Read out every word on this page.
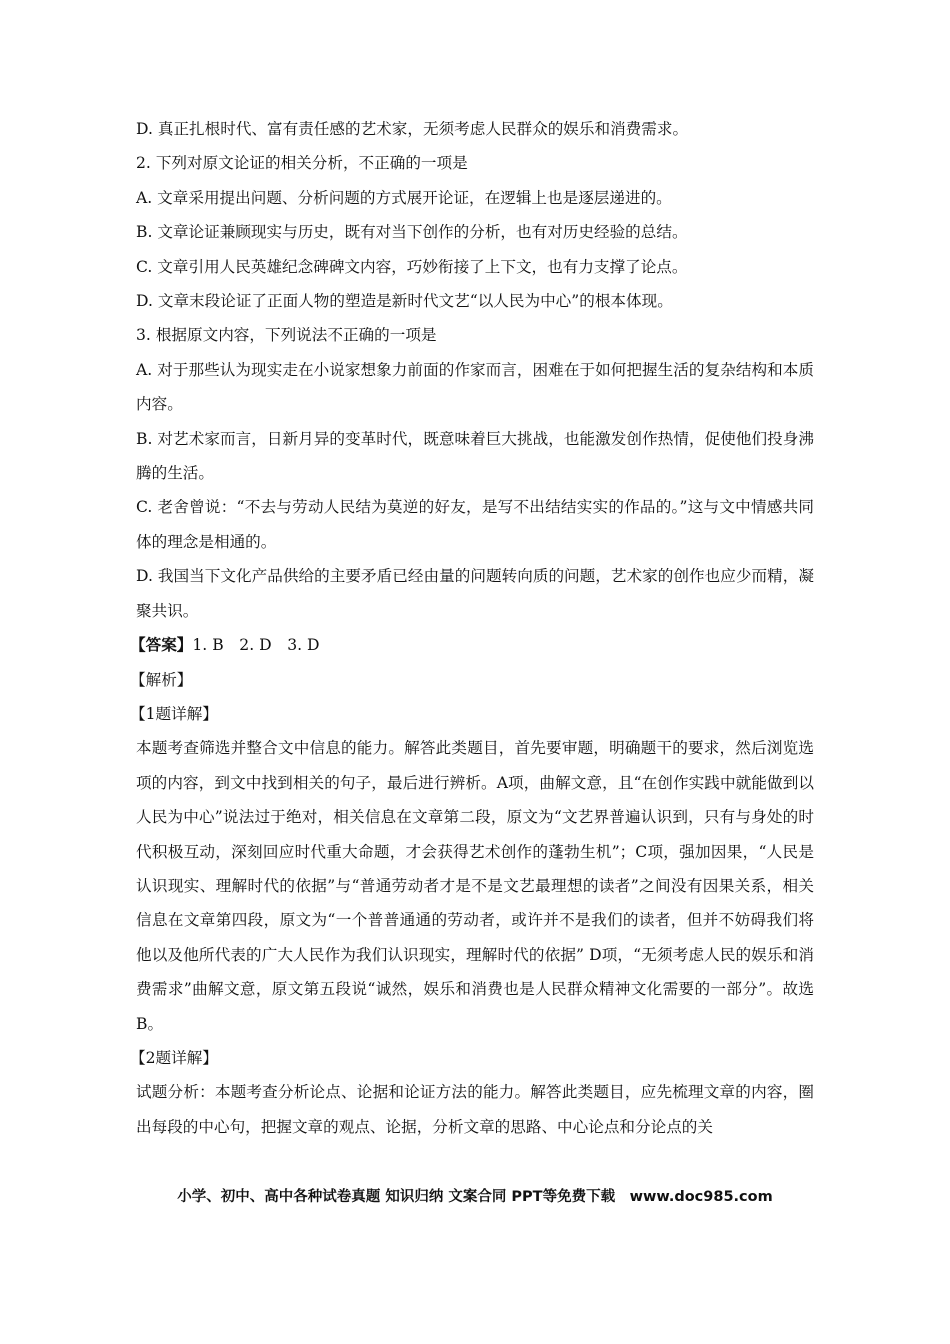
D. 真正扎根时代、富有责任感的艺术家，无须考虑人民群众的娱乐和消费需求。

2. 下列对原文论证的相关分析，不正确的一项是

A. 文章采用提出问题、分析问题的方式展开论证，在逻辑上也是逐层递进的。

B. 文章论证兼顾现实与历史，既有对当下创作的分析，也有对历史经验的总结。

C. 文章引用人民英雄纪念碑碑文内容，巧妙衔接了上下文，也有力支撑了论点。

D. 文章末段论证了正面人物的塑造是新时代文艺“以人民为中心”的根本体现。

3. 根据原文内容，下列说法不正确的一项是

A. 对于那些认为现实走在小说家想象力前面的作家而言，困难在于如何把握生活的复杂结构和本质内容。

B. 对艺术家而言，日新月异的变革时代，既意味着巨大挑战，也能激发创作热情，促使他们投身沸腾的生活。

C. 老舍曾说：“不去与劳动人民结为莫逆的好友，是写不出结结实实的作品的。”这与文中情感共同体的理念是相通的。

D. 我国当下文化产品供给的主要矛盾已经由量的问题转向质的问题，艺术家的创作也应少而精，凝聚共识。

【答案】1. B　2. D　3. D

【解析】

【1题详解】

本题考查筛选并整合文中信息的能力。解答此类题目，首先要审题，明确题干的要求，然后浏览选项的内容，到文中找到相关的句子，最后进行辨析。A项，曲解文意，且“在创作实践中就能做到以人民为中心”说法过于绝对，相关信息在文章第二段，原文为“文艺界普遍认识到，只有与身处的时代积极互动，深刻回应时代重大命题，才会获得艺术创作的蓬勃生机”；C项，强加因果，“人民是认识现实、理解时代的依据”与“普通劳动者才是不是文艺最理想的读者”之间没有因果关系，相关信息在文章第四段，原文为“一个普普通通的劳动者，或许并不是我们的读者，但并不妨碍我们将他以及他所代表的广大人民作为我们认识现实，理解时代的依据” D项，“无须考虑人民的娱乐和消费需求”曲解文意，原文第五段说“诚然，娱乐和消费也是人民群众精神文化需要的一部分”。故选B。

【2题详解】

试题分析：本题考查分析论点、论据和论证方法的能力。解答此类题目，应先梳理文章的内容，圈出每段的中心句，把握文章的观点、论据，分析文章的思路、中心论点和分论点的关

小学、初中、高中各种试卷真题 知识归纳 文案合同 PPT等免费下载　www.doc985.com
